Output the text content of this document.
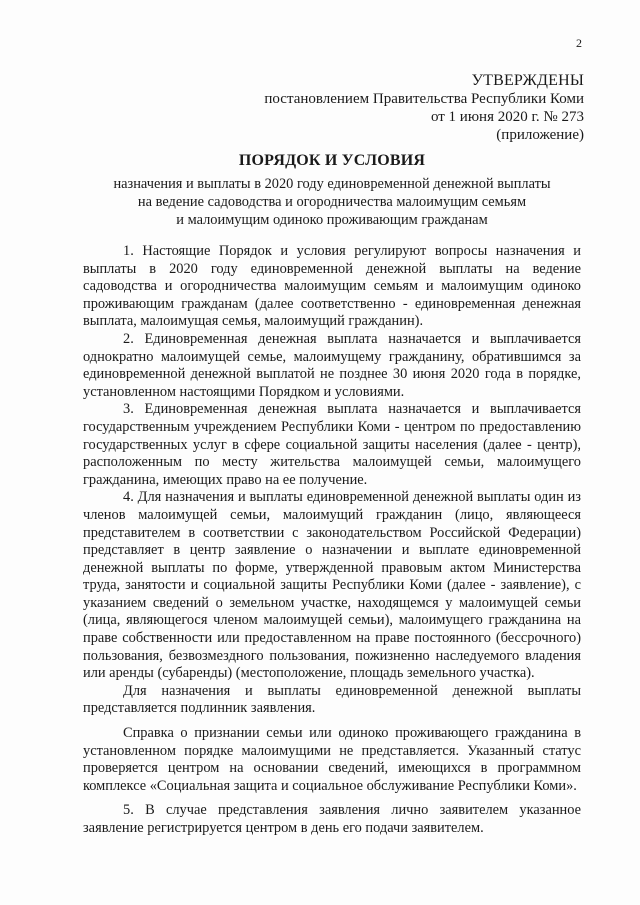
2
УТВЕРЖДЕНЫ
постановлением Правительства Республики Коми
от 1 июня 2020 г. № 273
(приложение)
ПОРЯДОК И УСЛОВИЯ
назначения и выплаты в 2020 году единовременной денежной выплаты
на ведение садоводства и огородничества малоимущим семьям
и малоимущим одиноко проживающим гражданам

1. Настоящие Порядок и условия регулируют вопросы назначения и выплаты в 2020 году единовременной денежной выплаты на ведение садоводства и огородничества малоимущим семьям и малоимущим одиноко проживающим гражданам (далее соответственно - единовременная денежная выплата, малоимущая семья, малоимущий гражданин).

2. Единовременная денежная выплата назначается и выплачивается однократно малоимущей семье, малоимущему гражданину, обратившимся за единовременной денежной выплатой не позднее 30 июня 2020 года в порядке, установленном настоящими Порядком и условиями.

3. Единовременная денежная выплата назначается и выплачивается государственным учреждением Республики Коми - центром по предоставлению государственных услуг в сфере социальной защиты населения (далее - центр), расположенным по месту жительства малоимущей семьи, малоимущего гражданина, имеющих право на ее получение.

4. Для назначения и выплаты единовременной денежной выплаты один из членов малоимущей семьи, малоимущий гражданин (лицо, являющееся представителем в соответствии с законодательством Российской Федерации) представляет в центр заявление о назначении и выплате единовременной денежной выплаты по форме, утвержденной правовым актом Министерства труда, занятости и социальной защиты Республики Коми (далее - заявление), с указанием сведений о земельном участке, находящемся у малоимущей семьи (лица, являющегося членом малоимущей семьи), малоимущего гражданина на праве собственности или предоставленном на праве постоянного (бессрочного) пользования, безвозмездного пользования, пожизненно наследуемого владения или аренды (субаренды) (местоположение, площадь земельного участка).

Для назначения и выплаты единовременной денежной выплаты представляется подлинник заявления.

Справка о признании семьи или одиноко проживающего гражданина в установленном порядке малоимущими не представляется. Указанный статус проверяется центром на основании сведений, имеющихся в программном комплексе «Социальная защита и социальное обслуживание Республики Коми».

5. В случае представления заявления лично заявителем указанное заявление регистрируется центром в день его подачи заявителем.
